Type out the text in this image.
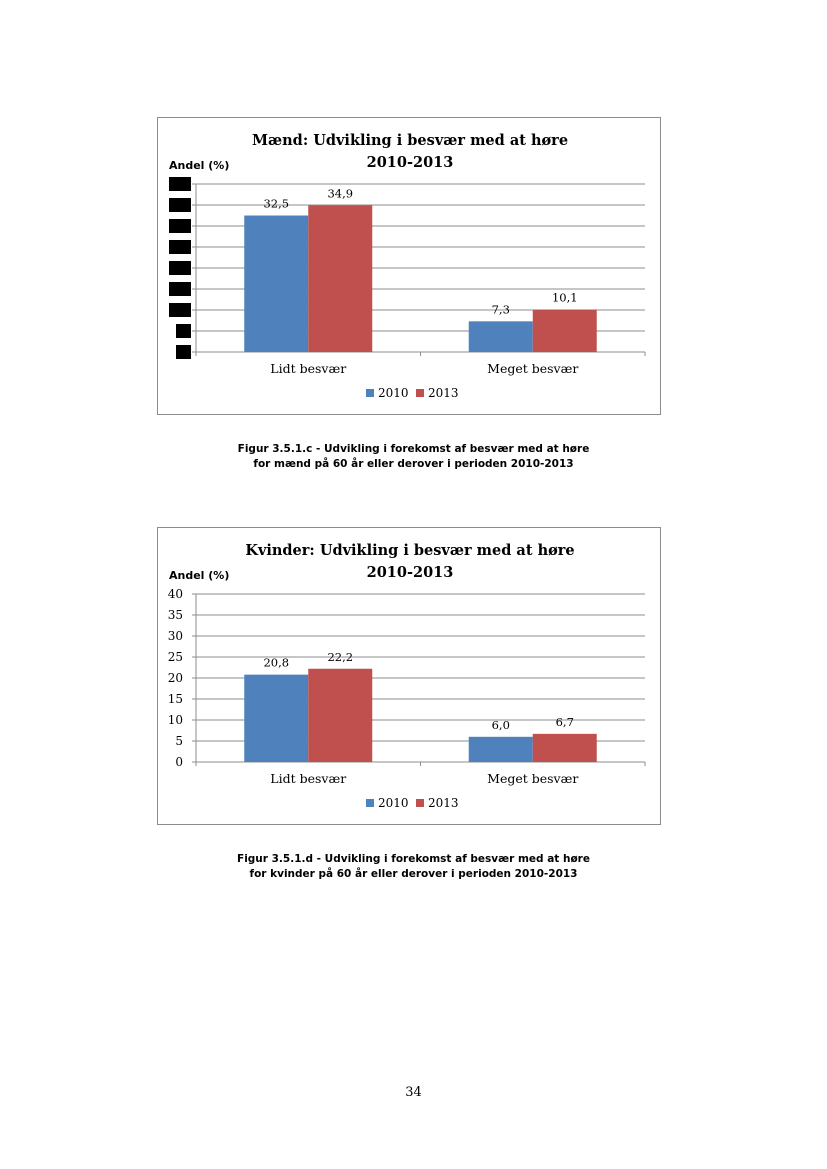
Mænd: Udvikling i besvær med at høre
2010-2013
Andel (%)
Lidt besvær
32,5
34,9
Meget besvær
7,3
10,1
2010 2013
Figur 3.5.1.c - Udvikling i forekomst af besvær med at høre
for mænd på 60 år eller derover i perioden 2010-2013
Kvinder: Udvikling i besvær med at høre
2010-2013
Andel (%)
0
5
10
15
20
25
30
35
40
Lidt besvær
20,8	22,2
Meget besvær
6,0	6,7
2010 2013
Figur 3.5.1.d - Udvikling i forekomst af besvær med at høre
for kvinder på 60 år eller derover i perioden 2010-2013
34
